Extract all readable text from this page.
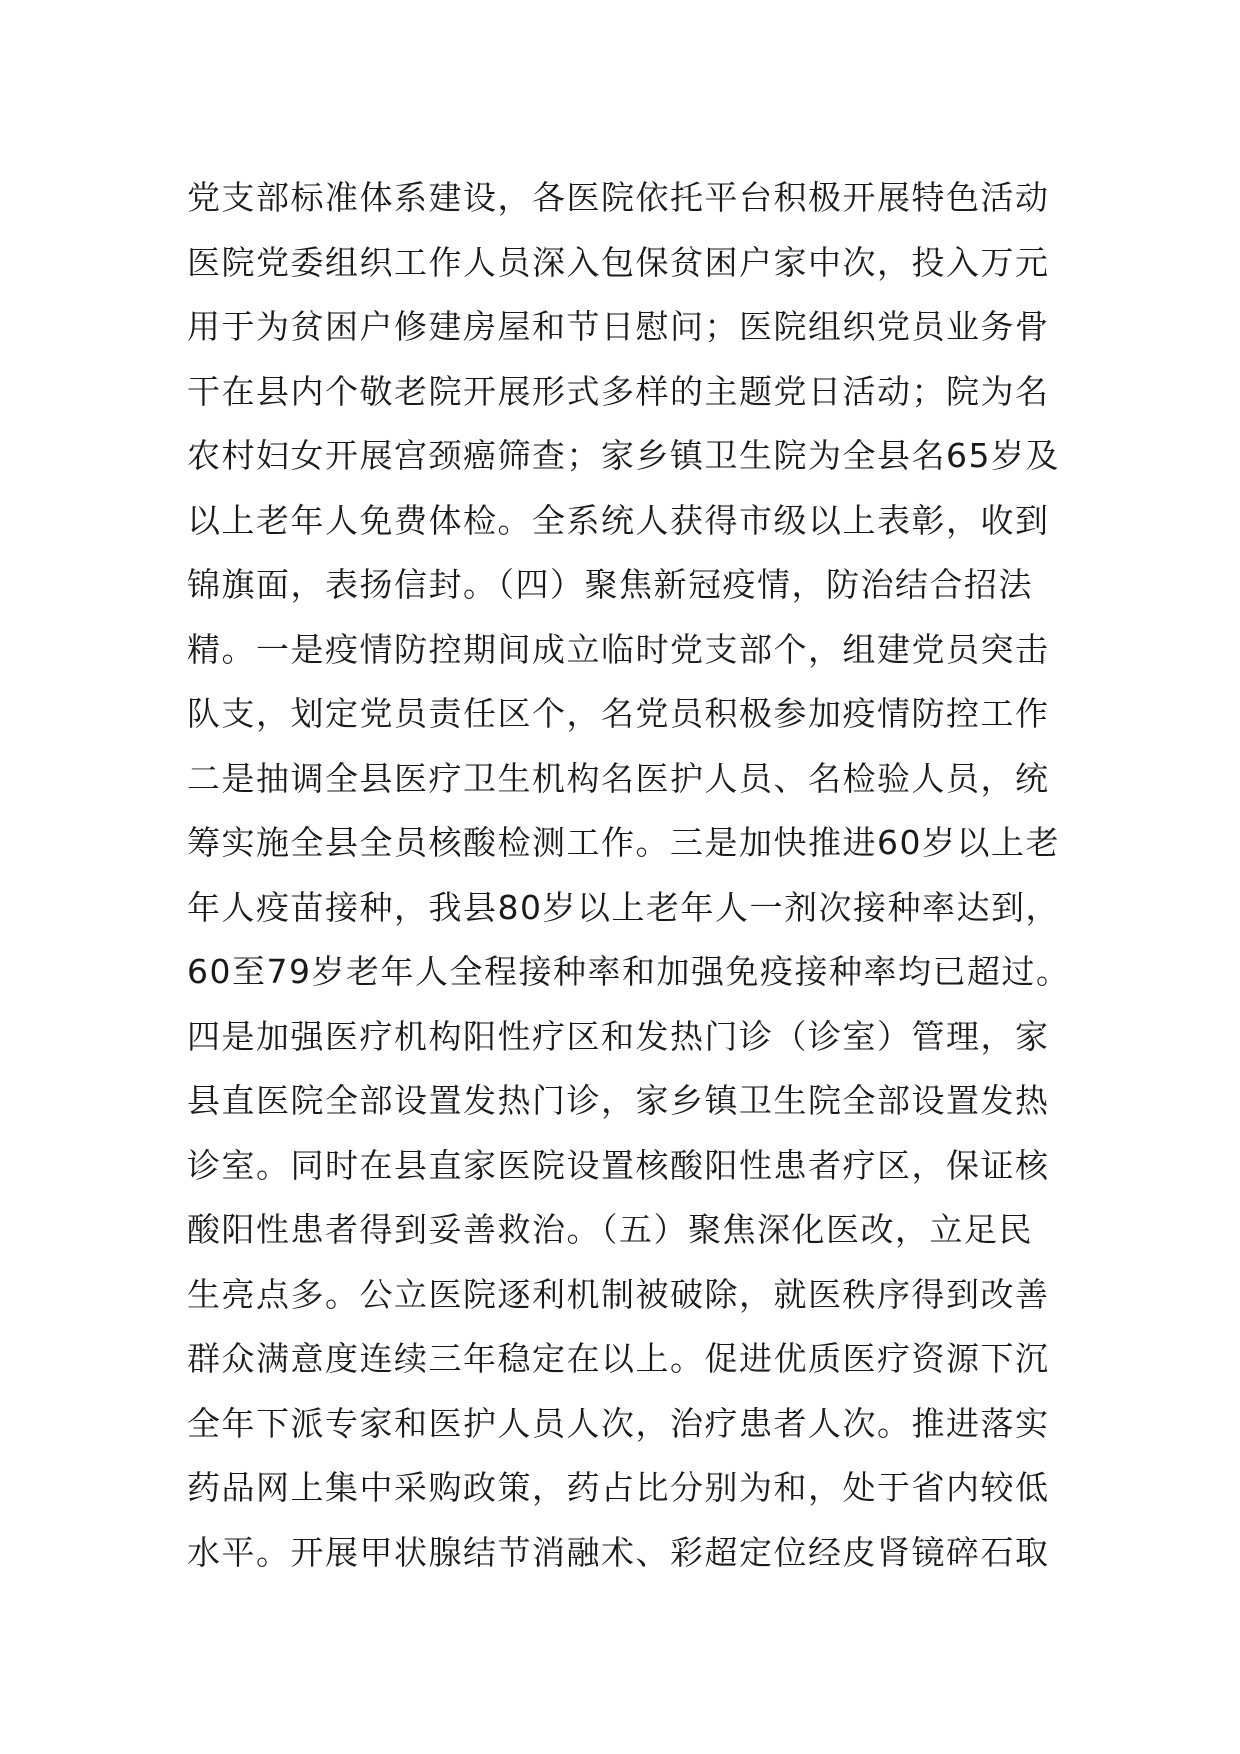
党支部标准体系建设，各医院依托平台积极开展特色活动
医院党委组织工作人员深入包保贫困户家中次，投入万元
用于为贫困户修建房屋和节日慰问；医院组织党员业务骨
干在县内个敬老院开展形式多样的主题党日活动；院为名
农村妇女开展宫颈癌筛查；家乡镇卫生院为全县名65岁及
以上老年人免费体检。全系统人获得市级以上表彰，收到
锦旗面，表扬信封。（四）聚焦新冠疫情，防治结合招法
精。一是疫情防控期间成立临时党支部个，组建党员突击
队支，划定党员责任区个，名党员积极参加疫情防控工作
二是抽调全县医疗卫生机构名医护人员、名检验人员，统
筹实施全县全员核酸检测工作。三是加快推进60岁以上老
年人疫苗接种，我县80岁以上老年人一剂次接种率达到，
60至79岁老年人全程接种率和加强免疫接种率均已超过。
四是加强医疗机构阳性疗区和发热门诊（诊室）管理，家
县直医院全部设置发热门诊，家乡镇卫生院全部设置发热
诊室。同时在县直家医院设置核酸阳性患者疗区，保证核
酸阳性患者得到妥善救治。（五）聚焦深化医改，立足民
生亮点多。公立医院逐利机制被破除，就医秩序得到改善
群众满意度连续三年稳定在以上。促进优质医疗资源下沉
全年下派专家和医护人员人次，治疗患者人次。推进落实
药品网上集中采购政策，药占比分别为和，处于省内较低
水平。开展甲状腺结节消融术、彩超定位经皮肾镜碎石取
